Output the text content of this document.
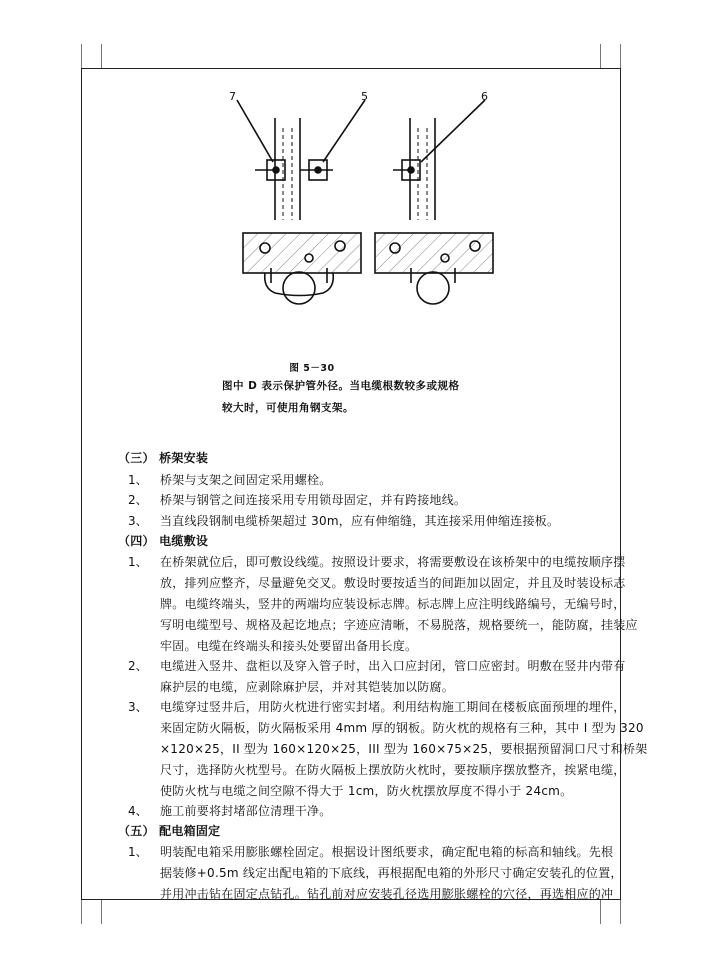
7	5	6
图 5－30
图中 D 表示保护管外径。当电缆根数较多或规格
较大时，可使用角钢支架。
（三） 桥架安装
1、 桥架与支架之间固定采用螺栓。
2、 桥架与钢管之间连接采用专用锁母固定，并有跨接地线。
3、 当直线段钢制电缆桥架超过 30m，应有伸缩缝，其连接采用伸缩连接板。
（四） 电缆敷设
1、 在桥架就位后，即可敷设线缆。按照设计要求，将需要敷设在该桥架中的电缆按顺序摆
放，排列应整齐，尽量避免交叉。敷设时要按适当的间距加以固定，并且及时装设标志
牌。电缆终端头，竖井的两端均应装设标志牌。标志牌上应注明线路编号，无编号时，
写明电缆型号、规格及起讫地点；字迹应清晰，不易脱落，规格要统一，能防腐，挂装应
牢固。电缆在终端头和接头处要留出备用长度。
2、 电缆进入竖井、盘柜以及穿入管子时，出入口应封闭，管口应密封。明敷在竖井内带有
麻护层的电缆，应剥除麻护层，并对其铠装加以防腐。
3、 电缆穿过竖井后，用防火枕进行密实封堵。利用结构施工期间在楼板底面预埋的埋件，
来固定防火隔板，防火隔板采用 4mm 厚的钢板。防火枕的规格有三种，其中 I 型为 320
×120×25，II 型为 160×120×25，III 型为 160×75×25，要根据预留洞口尺寸和桥架
尺寸，选择防火枕型号。在防火隔板上摆放防火枕时，要按顺序摆放整齐，挨紧电缆，
使防火枕与电缆之间空隙不得大于 1cm，防火枕摆放厚度不得小于 24cm。
4、 施工前要将封堵部位清理干净。
（五） 配电箱固定
1、 明装配电箱采用膨胀螺栓固定。根据设计图纸要求，确定配电箱的标高和轴线。先根
据装修+0.5m 线定出配电箱的下底线，再根据配电箱的外形尺寸确定安装孔的位置，
并用冲击钻在固定点钻孔。钻孔前对应安装孔径选用膨胀螺栓的穴径，再选相应的冲
